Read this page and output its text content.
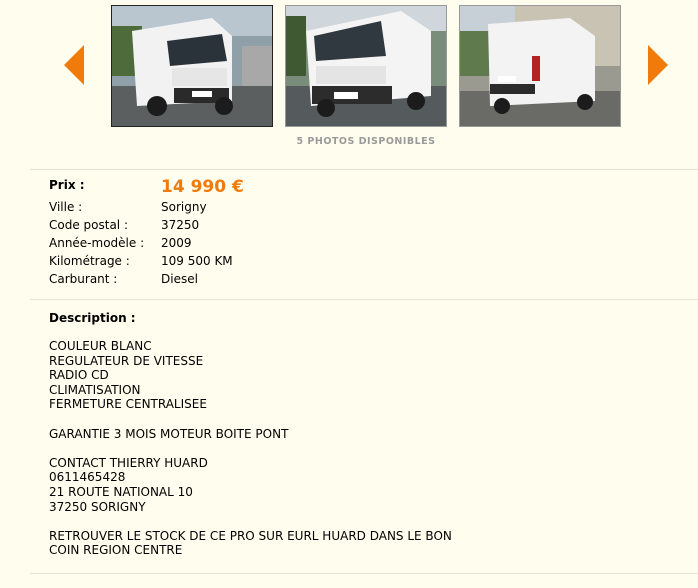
5 PHOTOS DISPONIBLES
Prix :	14 990 €
Ville :	Sorigny
Code postal :	37250
Année-modèle : 2009
Kilométrage :	109 500 KM
Carburant :	Diesel
Description :

COULEUR BLANC
REGULATEUR DE VITESSE
RADIO CD
CLIMATISATION
FERMETURE CENTRALISEE

GARANTIE 3 MOIS MOTEUR BOITE PONT

CONTACT THIERRY HUARD
0611465428
21 ROUTE NATIONAL 10
37250 SORIGNY

RETROUVER LE STOCK DE CE PRO SUR EURL HUARD DANS LE BON
COIN REGION CENTRE
